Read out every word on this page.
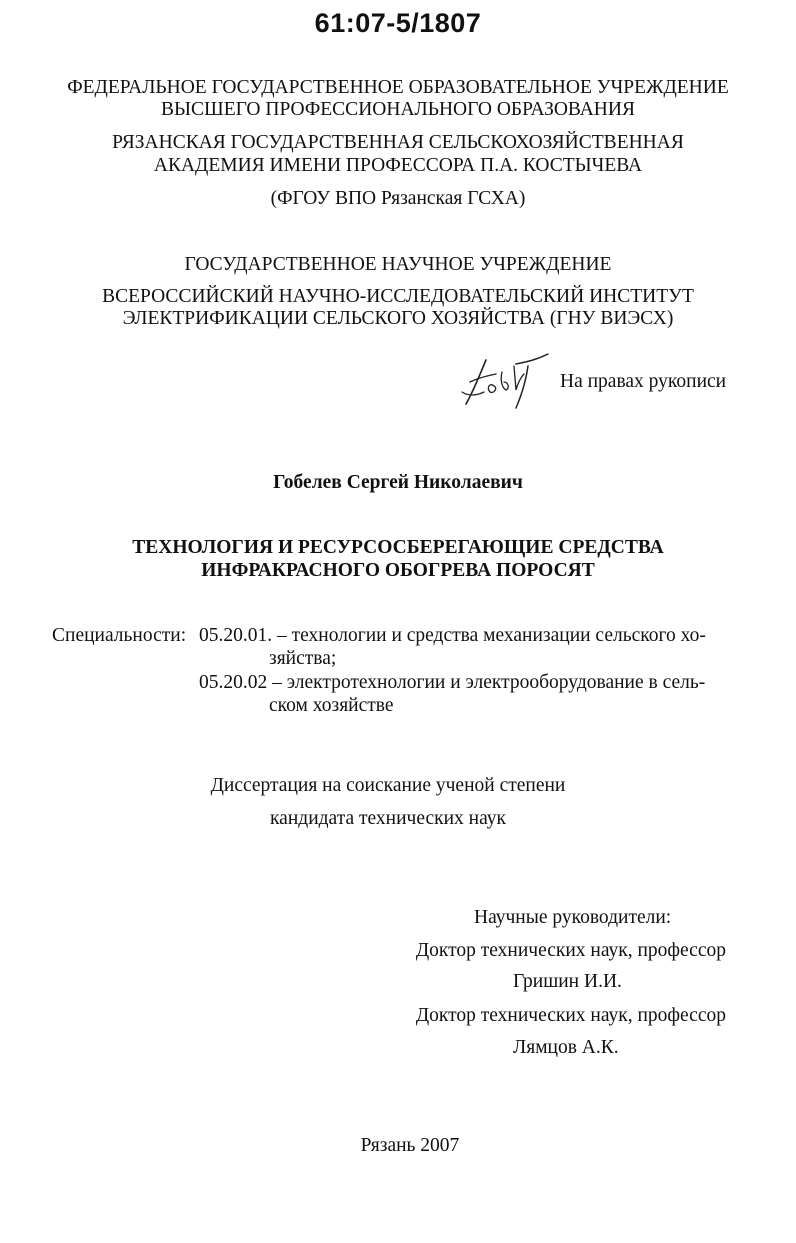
61:07-5/1807
ФЕДЕРАЛЬНОЕ ГОСУДАРСТВЕННОЕ ОБРАЗОВАТЕЛЬНОЕ УЧРЕЖДЕНИЕ
ВЫСШЕГО ПРОФЕССИОНАЛЬНОГО ОБРАЗОВАНИЯ
РЯЗАНСКАЯ ГОСУДАРСТВЕННАЯ СЕЛЬСКОХОЗЯЙСТВЕННАЯ
АКАДЕМИЯ ИМЕНИ ПРОФЕССОРА П.А. КОСТЫЧЕВА
(ФГОУ ВПО Рязанская ГСХА)
ГОСУДАРСТВЕННОЕ НАУЧНОЕ УЧРЕЖДЕНИЕ
ВСЕРОССИЙСКИЙ НАУЧНО-ИССЛЕДОВАТЕЛЬСКИЙ ИНСТИТУТ
ЭЛЕКТРИФИКАЦИИ СЕЛЬСКОГО ХОЗЯЙСТВА (ГНУ ВИЭСХ)
На правах рукописи
Гобелев Сергей Николаевич
ТЕХНОЛОГИЯ И РЕСУРСОСБЕРЕГАЮЩИЕ СРЕДСТВА
ИНФРАКРАСНОГО ОБОГРЕВА ПОРОСЯТ
Специальности: 05.20.01. – технологии и средства механизации сельского хо-
зяйства;
05.20.02 – электротехнологии и электрооборудование в сель-
ском хозяйстве
Диссертация на соискание ученой степени
кандидата технических наук
Научные руководители:
Доктор технических наук, профессор
Гришин И.И.
Доктор технических наук, профессор
Лямцов А.К.
Рязань 2007
